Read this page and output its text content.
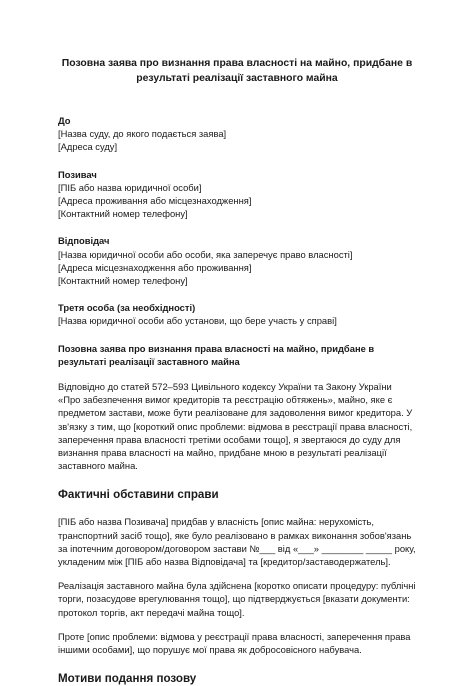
Позовна заява про визнання права власності на майно, придбане в
результаті реалізації заставного майна
До
[Назва суду, до якого подається заява]
[Адреса суду]
Позивач
[ПІБ або назва юридичної особи]
[Адреса проживання або місцезнаходження]
[Контактний номер телефону]
Відповідач
[Назва юридичної особи або особи, яка заперечує право власності]
[Адреса місцезнаходження або проживання]
[Контактний номер телефону]
Третя особа (за необхідності)
[Назва юридичної особи або установи, що бере участь у справі]
Позовна заява про визнання права власності на майно, придбане в результаті реалізації заставного майна

Відповідно до статей 572–593 Цивільного кодексу України та Закону України «Про забезпечення вимог кредиторів та реєстрацію обтяжень», майно, яке є предметом застави, може бути реалізоване для задоволення вимог кредитора. У зв'язку з тим, що [короткий опис проблеми: відмова в реєстрації права власності, заперечення права власності третіми особами тощо], я звертаюся до суду для визнання права власності на майно, придбане мною в результаті реалізації заставного майна.

Фактичні обставини справи

[ПІБ або назва Позивача] придбав у власність [опис майна: нерухомість, транспортний засіб тощо], яке було реалізовано в рамках виконання зобов'язань за іпотечним договором/договором застави №___ від «___» ________ _____ року, укладеним між [ПІБ або назва Відповідача] та [кредитор/заставодержатель].

Реалізація заставного майна була здійснена [коротко описати процедуру: публічні торги, позасудове врегулювання тощо], що підтверджується [вказати документи: протокол торгів, акт передачі майна тощо].

Проте [опис проблеми: відмова у реєстрації права власності, заперечення права іншими особами], що порушує мої права як добросовісного набувача.

Мотиви подання позову
